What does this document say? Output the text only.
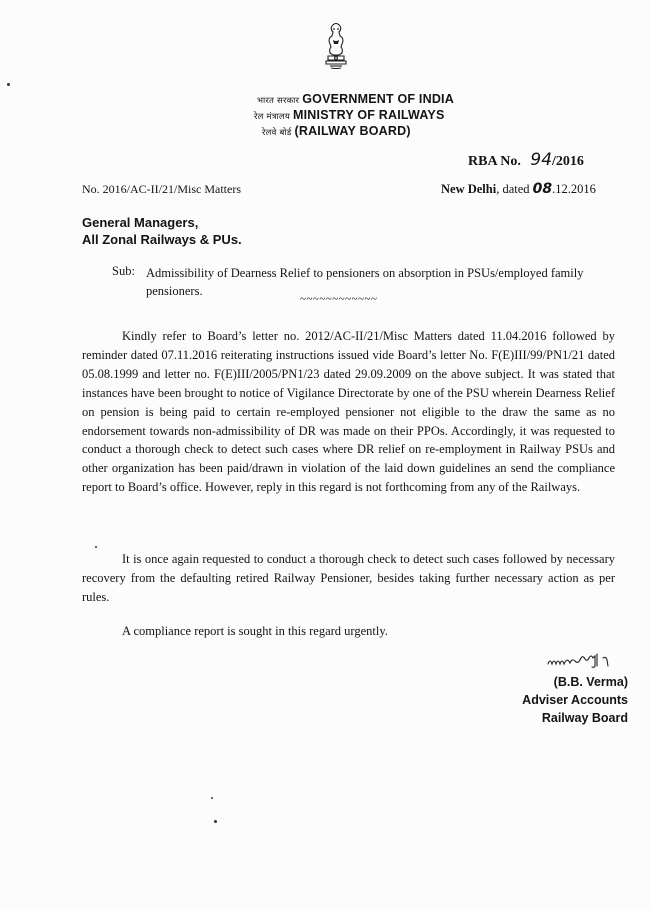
भारत सरकार GOVERNMENT OF INDIA
रेल मंत्रालय MINISTRY OF RAILWAYS
रेलवे बोर्ड (RAILWAY BOARD)
RBA No. 94/2016
No. 2016/AC-II/21/Misc Matters	New Delhi, dated 08.12.2016
General Managers,
All Zonal Railways & PUs.
Sub: Admissibility of Dearness Relief to pensioners on absorption in PSUs/employed family pensioners.
~~~~~~~~~~~~
Kindly refer to Board’s letter no. 2012/AC-II/21/Misc Matters dated 11.04.2016 followed by reminder dated 07.11.2016 reiterating instructions issued vide Board’s letter No. F(E)III/99/PN1/21 dated 05.08.1999 and letter no. F(E)III/2005/PN1/23 dated 29.09.2009 on the above subject. It was stated that instances have been brought to notice of Vigilance Directorate by one of the PSU wherein Dearness Relief on pension is being paid to certain re-employed pensioner not eligible to the draw the same as no endorsement towards non-admissibility of DR was made on their PPOs. Accordingly, it was requested to conduct a thorough check to detect such cases where DR relief on re-employment in Railway PSUs and other organization has been paid/drawn in violation of the laid down guidelines an send the compliance report to Board’s office. However, reply in this regard is not forthcoming from any of the Railways.
It is once again requested to conduct a thorough check to detect such cases followed by necessary recovery from the defaulting retired Railway Pensioner, besides taking further necessary action as per rules.
A compliance report is sought in this regard urgently.
(B.B. Verma)
Adviser Accounts
Railway Board
